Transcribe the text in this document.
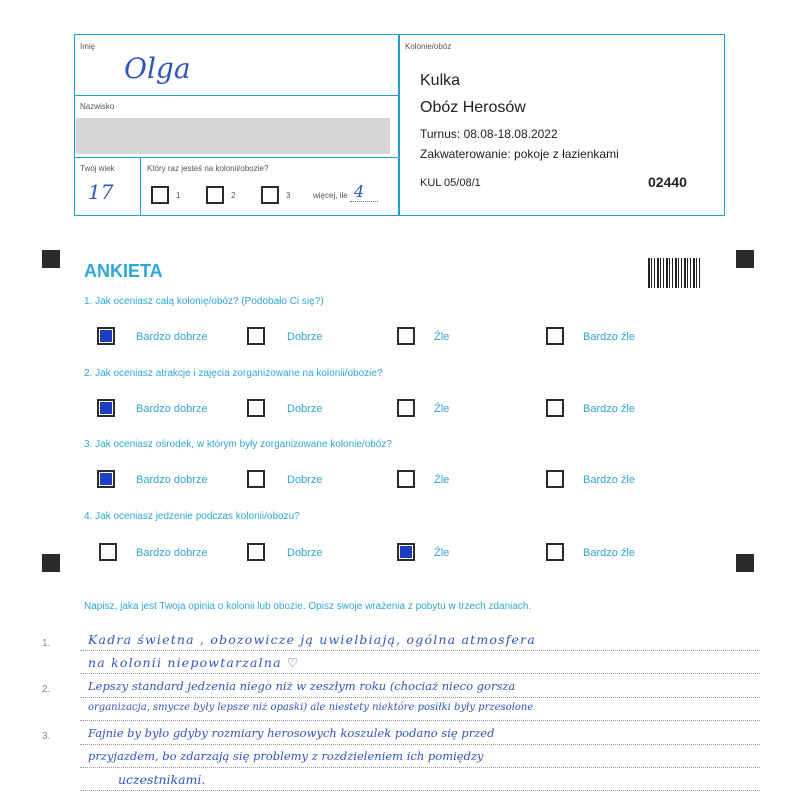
Imię
Olga
Nazwisko
Twój wiek
17
Który raz jesteś na kolonii/obozie?
1	2	3	więcej, ile 4
Kolonie/obóz
Kulka
Obóz Herosów
Turnus: 08.08-18.08.2022
Zakwaterowanie: pokoje z łazienkami
KUL 05/08/1	02440
ANKIETA
1. Jak oceniasz całą kolonię/obóz? (Podobało Ci się?)
2. Jak oceniasz atrakcje i zajęcia zorganizowane na kolonii/obozie?
3. Jak oceniasz ośrodek, w którym były zorganizowane kolonie/obóz?
4. Jak oceniasz jedzenie podczas kolonii/obozu?
Bardzo dobrze	Dobrze	Źle	Bardzo źle
Bardzo dobrze	Dobrze	Źle	Bardzo źle
Bardzo dobrze	Dobrze	Źle	Bardzo źle
Bardzo dobrze	Dobrze	Źle	Bardzo źle
Napisz, jaka jest Twoja opinia o kolonii lub obozie. Opisz swoje wrażenia z pobytu w trzech zdaniach.
1.
2.
3.
Kadra świetna , obozowicze ją uwielbiają, ogólna atmosfera
na kolonii niepowtarzalna ♡
Lepszy standard jedzenia niego niż w zeszłym roku (chociaż nieco gorsza
organizacja, smycze były lepsze niż opaski) ale niestety niektóre posiłki były przesolone
Fajnie by było gdyby rozmiary herosowych koszulek podano się przed
przyjazdem, bo zdarzają się problemy z rozdzieleniem ich pomiędzy
uczestnikami.
